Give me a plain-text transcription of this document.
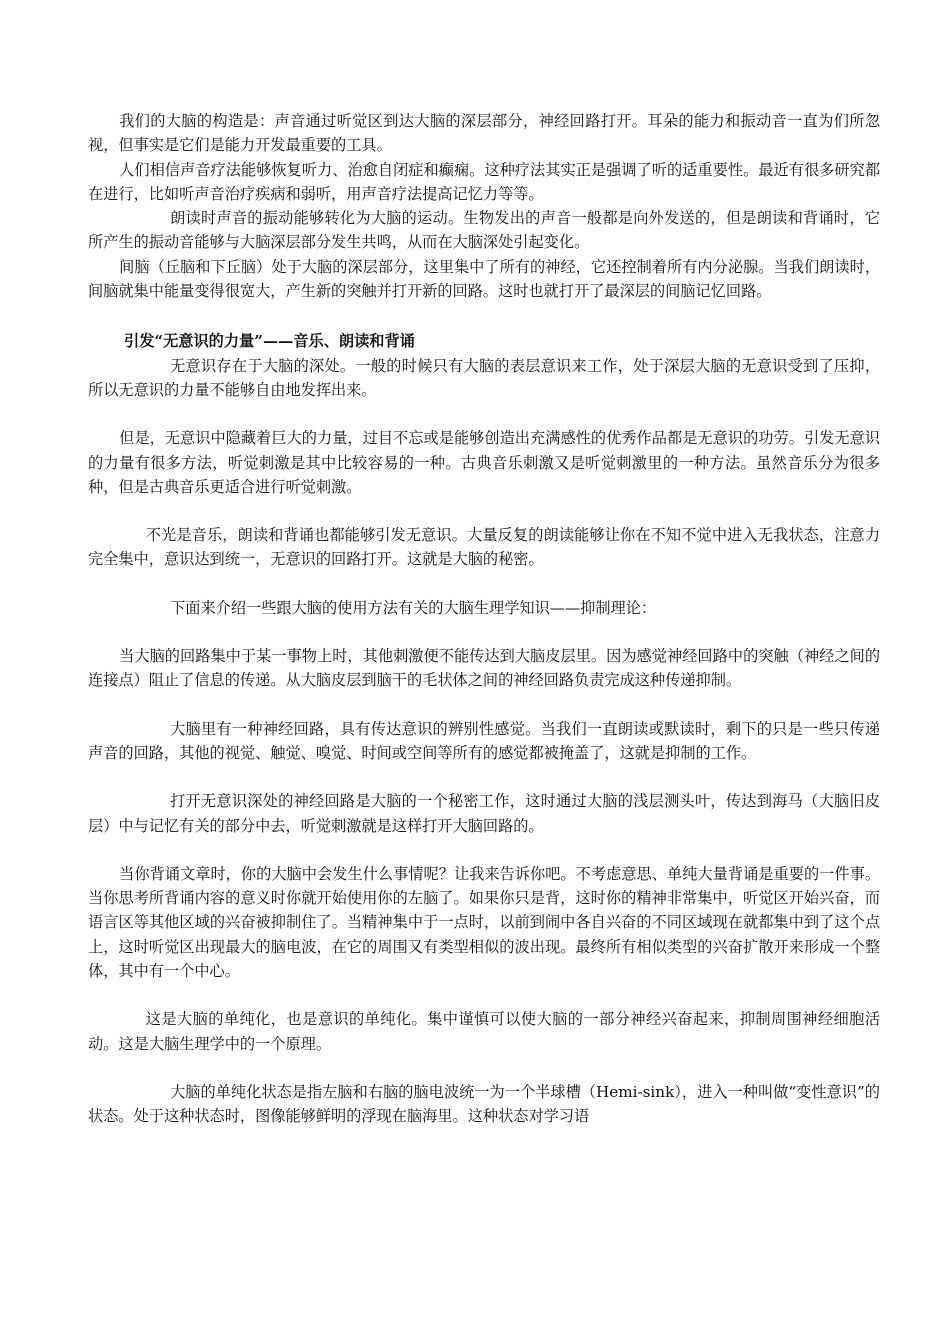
我们的大脑的构造是：声音通过听觉区到达大脑的深层部分，神经回路打开。耳朵的能力和振动音一直为们所忽视，但事实是它们是能力开发最重要的工具。

人们相信声音疗法能够恢复听力、治愈自闭症和癫痫。这种疗法其实正是强调了听的适重要性。最近有很多研究都在进行，比如听声音治疗疾病和弱听，用声音疗法提高记忆力等等。

朗读时声音的振动能够转化为大脑的运动。生物发出的声音一般都是向外发送的，但是朗读和背诵时，它所产生的振动音能够与大脑深层部分发生共鸣，从而在大脑深处引起变化。

间脑（丘脑和下丘脑）处于大脑的深层部分，这里集中了所有的神经，它还控制着所有内分泌腺。当我们朗读时，间脑就集中能量变得很宽大，产生新的突触并打开新的回路。这时也就打开了最深层的间脑记忆回路。

引发“无意识的力量”——音乐、朗读和背诵

无意识存在于大脑的深处。一般的时候只有大脑的表层意识来工作，处于深层大脑的无意识受到了压抑，所以无意识的力量不能够自由地发挥出来。

但是，无意识中隐藏着巨大的力量，过目不忘或是能够创造出充满感性的优秀作品都是无意识的功劳。引发无意识的力量有很多方法，听觉刺激是其中比较容易的一种。古典音乐刺激又是听觉刺激里的一种方法。虽然音乐分为很多种，但是古典音乐更适合进行听觉刺激。

不光是音乐，朗读和背诵也都能够引发无意识。大量反复的朗读能够让你在不知不觉中进入无我状态，注意力完全集中，意识达到统一，无意识的回路打开。这就是大脑的秘密。

下面来介绍一些跟大脑的使用方法有关的大脑生理学知识——抑制理论：

当大脑的回路集中于某一事物上时，其他刺激便不能传达到大脑皮层里。因为感觉神经回路中的突触（神经之间的连接点）阻止了信息的传递。从大脑皮层到脑干的毛状体之间的神经回路负责完成这种传递抑制。

大脑里有一种神经回路，具有传达意识的辨别性感觉。当我们一直朗读或默读时，剩下的只是一些只传递声音的回路，其他的视觉、触觉、嗅觉、时间或空间等所有的感觉都被掩盖了，这就是抑制的工作。

打开无意识深处的神经回路是大脑的一个秘密工作，这时通过大脑的浅层测头叶，传达到海马（大脑旧皮层）中与记忆有关的部分中去，听觉刺激就是这样打开大脑回路的。

当你背诵文章时，你的大脑中会发生什么事情呢？让我来告诉你吧。不考虑意思、单纯大量背诵是重要的一件事。当你思考所背诵内容的意义时你就开始使用你的左脑了。如果你只是背，这时你的精神非常集中，听觉区开始兴奋，而语言区等其他区域的兴奋被抑制住了。当精神集中于一点时，以前到闹中各自兴奋的不同区域现在就都集中到了这个点上，这时听觉区出现最大的脑电波，在它的周围又有类型相似的波出现。最终所有相似类型的兴奋扩散开来形成一个整体，其中有一个中心。

这是大脑的单纯化，也是意识的单纯化。集中谨慎可以使大脑的一部分神经兴奋起来，抑制周围神经细胞活动。这是大脑生理学中的一个原理。

大脑的单纯化状态是指左脑和右脑的脑电波统一为一个半球槽（Hemi-sink），进入一种叫做“变性意识”的状态。处于这种状态时，图像能够鲜明的浮现在脑海里。这种状态对学习语
